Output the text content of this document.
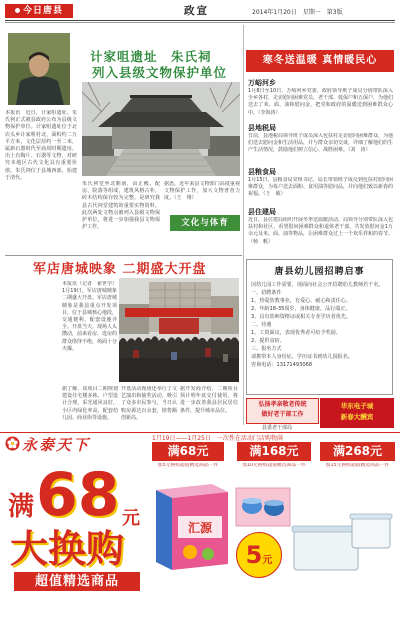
今日唐县	政宣	2014年1月20日 星期一 第3版
计家咀遗址　朱氏祠
列入县级文物保护单位
本报讯　近日，计家咀遗址、朱氏祠正式被县政府公布为县级文物保护单位。计家咀遗址位于北店头乡计家咀村北，面积约二万平方米，文化层厚约一至二米，属新石器时代至商周时期遗址，出土有陶片、石器等文物，对研究本地区古代文化具有重要价值。朱氏祠位于县城西部，始建于清代。
朱氏祠堂坐北朝南，由正殿、配房、院落等组成，建筑风格古朴，砖木结构保存较为完整，是研究我县古代祠堂建筑的重要实物资料。此次两处文物点被列入县级文物保护单位，将进一步加强我县文物保护工作。
据悉，近年来县文物部门高度重视文物保护工作，加大文物普查力度。（王　翔）
文化与体育
寒冬送温暖 真情暖民心
万峪河乡
1月8日至10日，万峪河乡党委、政府领导班子成员分别带队深入全乡各村，走访慰问困难党员、老干部、低保户和五保户，为他们送去了米、面、油和慰问金，把党和政府的温暖送到困难群众心中。（李海涛）
县地税局
日前，县地税局领导班子成员深入包扶村走访慰问困难群众，为他们送去慰问金和生活用品，并与群众亲切交谈，详细了解他们的生产生活情况，鼓励他们树立信心、战胜困难。（刘　涛）
县粮食局
1月15日，县粮食局党组书记、局长带领班子成员到包扶村慰问困难群众，为每户送去面粉、食用油等慰问品，并向他们致以新春的祝福。（王　敏）
县住建局
近日，县住建局组织开展冬季送温暖活动，局领导分别带队深入包扶村和社区，看望慰问困难群众和退休老干部，共发放慰问金1万余元及米、面、油等物品，让困难群众过上一个欢乐祥和的春节。（杨　帆）
军店唐城映象 二期盛大开盘
本报讯（记者　翟世学）1月19日，军店唐城映象二期盛大开盘。军店唐城映象是我县重点开发项目，位于县城核心地段，交通便利，配套设施齐全。开盘当天，现场人头攒动，前来看房、选房的群众络绎不绝，场面十分火爆。
据了解，该项目二期规划建设住宅楼多栋，户型设计合理，采光通风良好，小区内绿化率高，配套幼儿园、商业街等设施。
开盘活动现场还举行了文艺演出和抽奖活动，吸引了众多市民参与，当日认购房源达百余套，销售额创新高。
据开发商介绍，二期项目预计明年底交付使用，将进一步改善我县居民居住条件，提升城市品位。
唐县幼儿园招聘启事
因幼儿园工作需要，现面向社会公开招聘幼儿教师若干名。
一、招聘条件
1、热爱幼教事业，有爱心、耐心和责任心。
2、年龄18-35周岁，身体健康，品行端正。
3、具有幼师资格证或相关专业学历者优先。
二、待遇
1、工资面议，表现优秀者可给予奖励。
2、提供食宿。
三、报名方式
请携带本人身份证、学历证书到幼儿园报名。
咨询电话：13171493068
弘扬孝亲敬老传统
做好老干部工作
县委老干部局
华东电子城
新春大酬宾
永泰天下	1月19日——1月25日　一次性在活动门店购物满
满68元	满168元	满268元
加5元换购超值精选商品一件	加10元换购超值精选商品一件	加15元换购超值精选商品一件
满 68 元
大换购
超值精选商品
汇源
5元
